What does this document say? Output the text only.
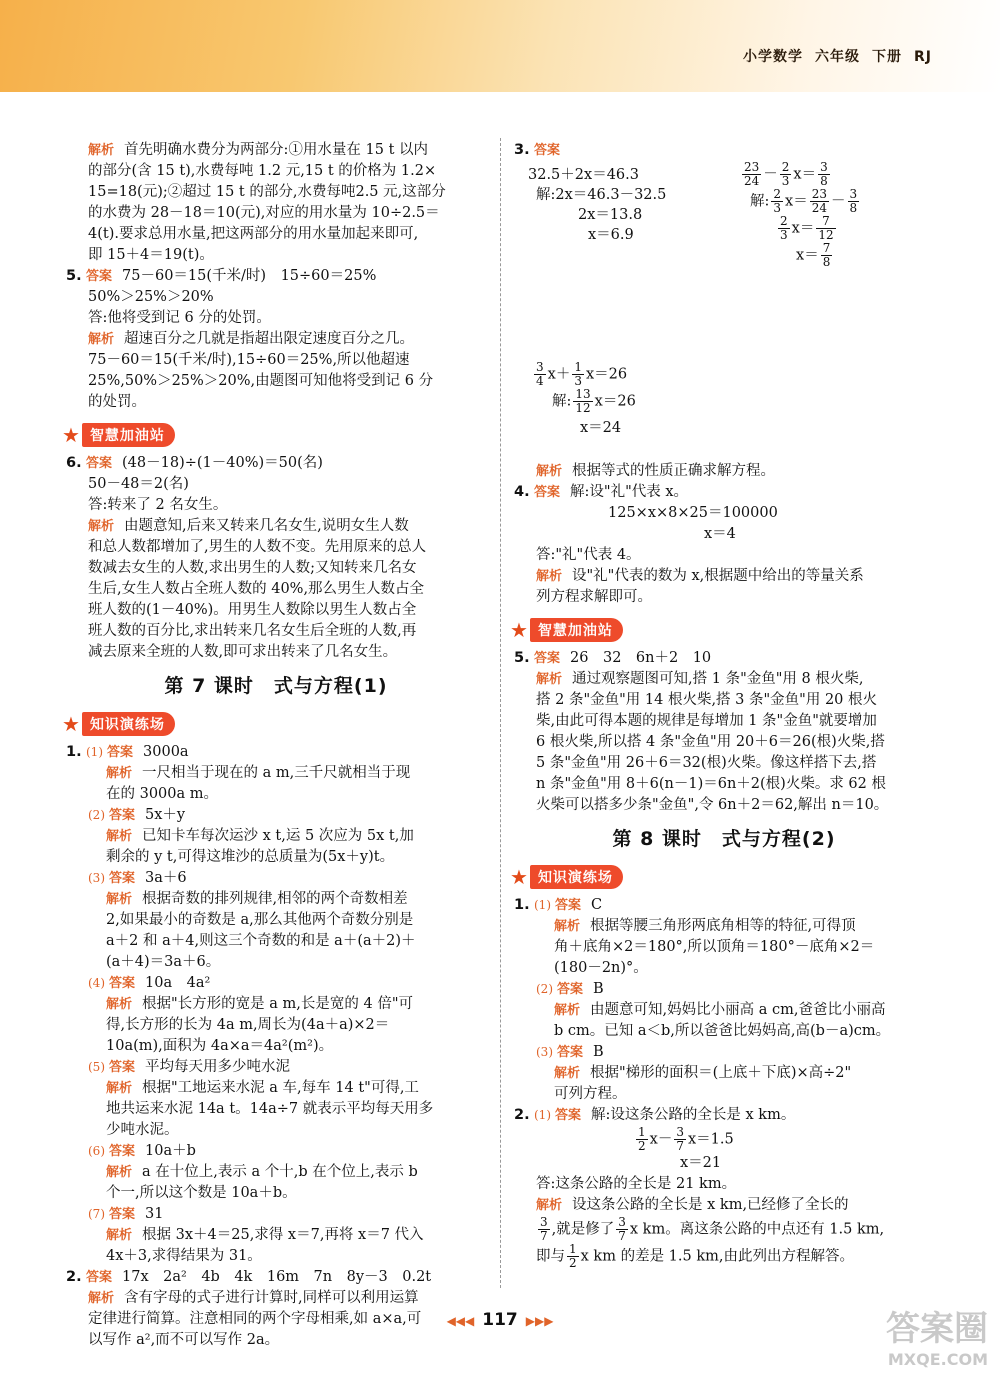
小学数学 六年级 下册 RJ
解析 首先明确水费分为两部分:①用水量在 15 t 以内
的部分(含 15 t),水费每吨 1.2 元,15 t 的价格为 1.2×
15=18(元);②超过 15 t 的部分,水费每吨2.5 元,这部分
的水费为 28－18＝10(元),对应的用水量为 10÷2.5＝
4(t).要求总用水量,把这两部分的用水量加起来即可,
即 15＋4＝19(t)。
5. 答案 75－60＝15(千米/时)　15÷60＝25%
50%＞25%＞20%
答:他将受到记 6 分的处罚。
解析 超速百分之几就是指超出限定速度百分之几。
75－60＝15(千米/时),15÷60＝25%,所以他超速
25%,50%＞25%＞20%,由题图可知他将受到记 6 分
的处罚。
★ 智慧加油站
6. 答案 (48－18)÷(1－40%)＝50(名)
50－48＝2(名)
答:转来了 2 名女生。
解析 由题意知,后来又转来几名女生,说明女生人数
和总人数都增加了,男生的人数不变。先用原来的总人
数减去女生的人数,求出男生的人数;又知转来几名女
生后,女生人数占全班人数的 40%,那么男生人数占全
班人数的(1－40%)。用男生人数除以男生人数占全
班人数的百分比,求出转来几名女生后全班的人数,再
减去原来全班的人数,即可求出转来了几名女生。
第 7 课时　式与方程(1)
★ 知识演练场
1. (1) 答案 3000a
解析 一尺相当于现在的 a m,三千尺就相当于现
在的 3000a m。
(2) 答案 5x＋y
解析 已知卡车每次运沙 x t,运 5 次应为 5x t,加
剩余的 y t,可得这堆沙的总质量为(5x＋y)t。
(3) 答案 3a＋6
解析 根据奇数的排列规律,相邻的两个奇数相差
2,如果最小的奇数是 a,那么其他两个奇数分别是
a＋2 和 a＋4,则这三个奇数的和是 a＋(a＋2)＋
(a＋4)＝3a＋6。
(4) 答案 10a　4a²
解析 根据"长方形的宽是 a m,长是宽的 4 倍"可
得,长方形的长为 4a m,周长为(4a＋a)×2＝
10a(m),面积为 4a×a＝4a²(m²)。
(5) 答案 平均每天用多少吨水泥
解析 根据"工地运来水泥 a 车,每车 14 t"可得,工
地共运来水泥 14a t。14a÷7 就表示平均每天用多
少吨水泥。
(6) 答案 10a＋b
解析 a 在十位上,表示 a 个十,b 在个位上,表示 b
个一,所以这个数是 10a＋b。
(7) 答案 31
解析 根据 3x＋4＝25,求得 x＝7,再将 x＝7 代入
4x＋3,求得结果为 31。
2. 答案 17x　2a²　4b　4k　16m　7n　8y－3　0.2t
解析 含有字母的式子进行计算时,同样可以利用运算
定律进行简算。注意相同的两个字母相乘,如 a×a,可
以写作 a²,而不可以写作 2a。
3. 答案
32.5＋2x＝46.3
解:2x＝46.3－32.5
2x＝13.8
x＝6.9
$\frac{23}{24} - \frac{2}{3} x= \frac{3}{8}$
解: $\frac{2}{3} x= \frac{23}{24} - \frac{3}{8}$
$\frac{2}{3} x= \frac{7}{12}$
$x= \frac{7}{8}$
$\frac{3}{4} x+ \frac{1}{3} x=26$
解: $\frac{13}{12} x=26$
x＝24
解析 根据等式的性质正确求解方程。
4. 答案 解:设"礼"代表 x。
125×x×8×25＝100000
x＝4
答:"礼"代表 4。
解析 设"礼"代表的数为 x,根据题中给出的等量关系
列方程求解即可。
★ 智慧加油站
5. 答案 26　32　6n＋2　10
解析 通过观察题图可知,搭 1 条"金鱼"用 8 根火柴,
搭 2 条"金鱼"用 14 根火柴,搭 3 条"金鱼"用 20 根火
柴,由此可得本题的规律是每增加 1 条"金鱼"就要增加
6 根火柴,所以搭 4 条"金鱼"用 20＋6＝26(根)火柴,搭
5 条"金鱼"用 26＋6＝32(根)火柴。像这样搭下去,搭
n 条"金鱼"用 8＋6(n－1)＝6n＋2(根)火柴。求 62 根
火柴可以搭多少条"金鱼",令 6n＋2＝62,解出 n＝10。
第 8 课时　式与方程(2)
★ 知识演练场
1. (1) 答案 C
解析 根据等腰三角形两底角相等的特征,可得顶
角＋底角×2＝180°,所以顶角＝180°－底角×2＝
(180－2n)°。
(2) 答案 B
解析 由题意可知,妈妈比小丽高 a cm,爸爸比小丽高
b cm。已知 a＜b,所以爸爸比妈妈高,高(b－a)cm。
(3) 答案 B
解析 根据"梯形的面积＝(上底＋下底)×高÷2"
可列方程。
2. (1) 答案 解:设这条公路的全长是 x km。
$\frac{1}{2} x- \frac{3}{7} x=1.5$
x＝21
答:这条公路的全长是 21 km。
解析 设这条公路的全长是 x km,已经修了全长的
$\frac{3}{7}$ ,就是修了 $\frac{3}{7}$ x km。离这条公路的中点还有 1.5 km,
即与 $\frac{1}{2}$ x km 的差是 1.5 km,由此列出方程解答。
◀◀◀ 117 ▶▶▶	答案圈
MXQE.COM
